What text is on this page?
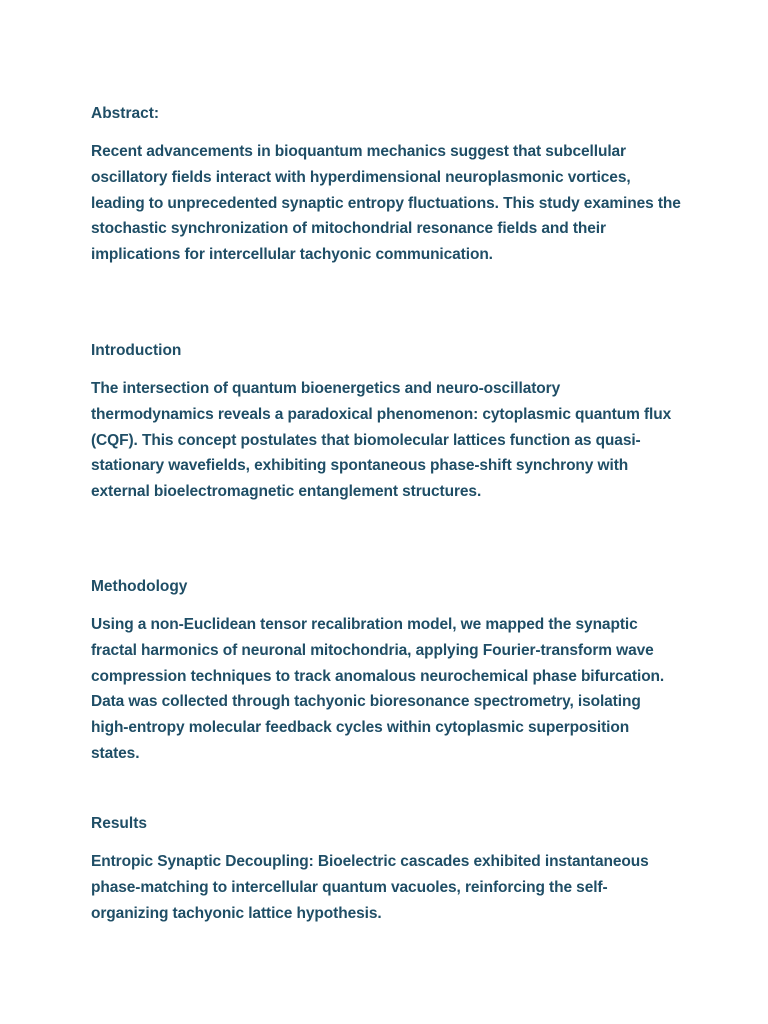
Abstract:

Recent advancements in bioquantum mechanics suggest that subcellular oscillatory fields interact with hyperdimensional neuroplasmonic vortices, leading to unprecedented synaptic entropy fluctuations. This study examines the stochastic synchronization of mitochondrial resonance fields and their implications for intercellular tachyonic communication.

Introduction

The intersection of quantum bioenergetics and neuro-oscillatory thermodynamics reveals a paradoxical phenomenon: cytoplasmic quantum flux (CQF). This concept postulates that biomolecular lattices function as quasi-stationary wavefields, exhibiting spontaneous phase-shift synchrony with external bioelectromagnetic entanglement structures.

Methodology

Using a non-Euclidean tensor recalibration model, we mapped the synaptic fractal harmonics of neuronal mitochondria, applying Fourier-transform wave compression techniques to track anomalous neurochemical phase bifurcation. Data was collected through tachyonic bioresonance spectrometry, isolating high-entropy molecular feedback cycles within cytoplasmic superposition states.

Results

Entropic Synaptic Decoupling: Bioelectric cascades exhibited instantaneous phase-matching to intercellular quantum vacuoles, reinforcing the self-organizing tachyonic lattice hypothesis.
